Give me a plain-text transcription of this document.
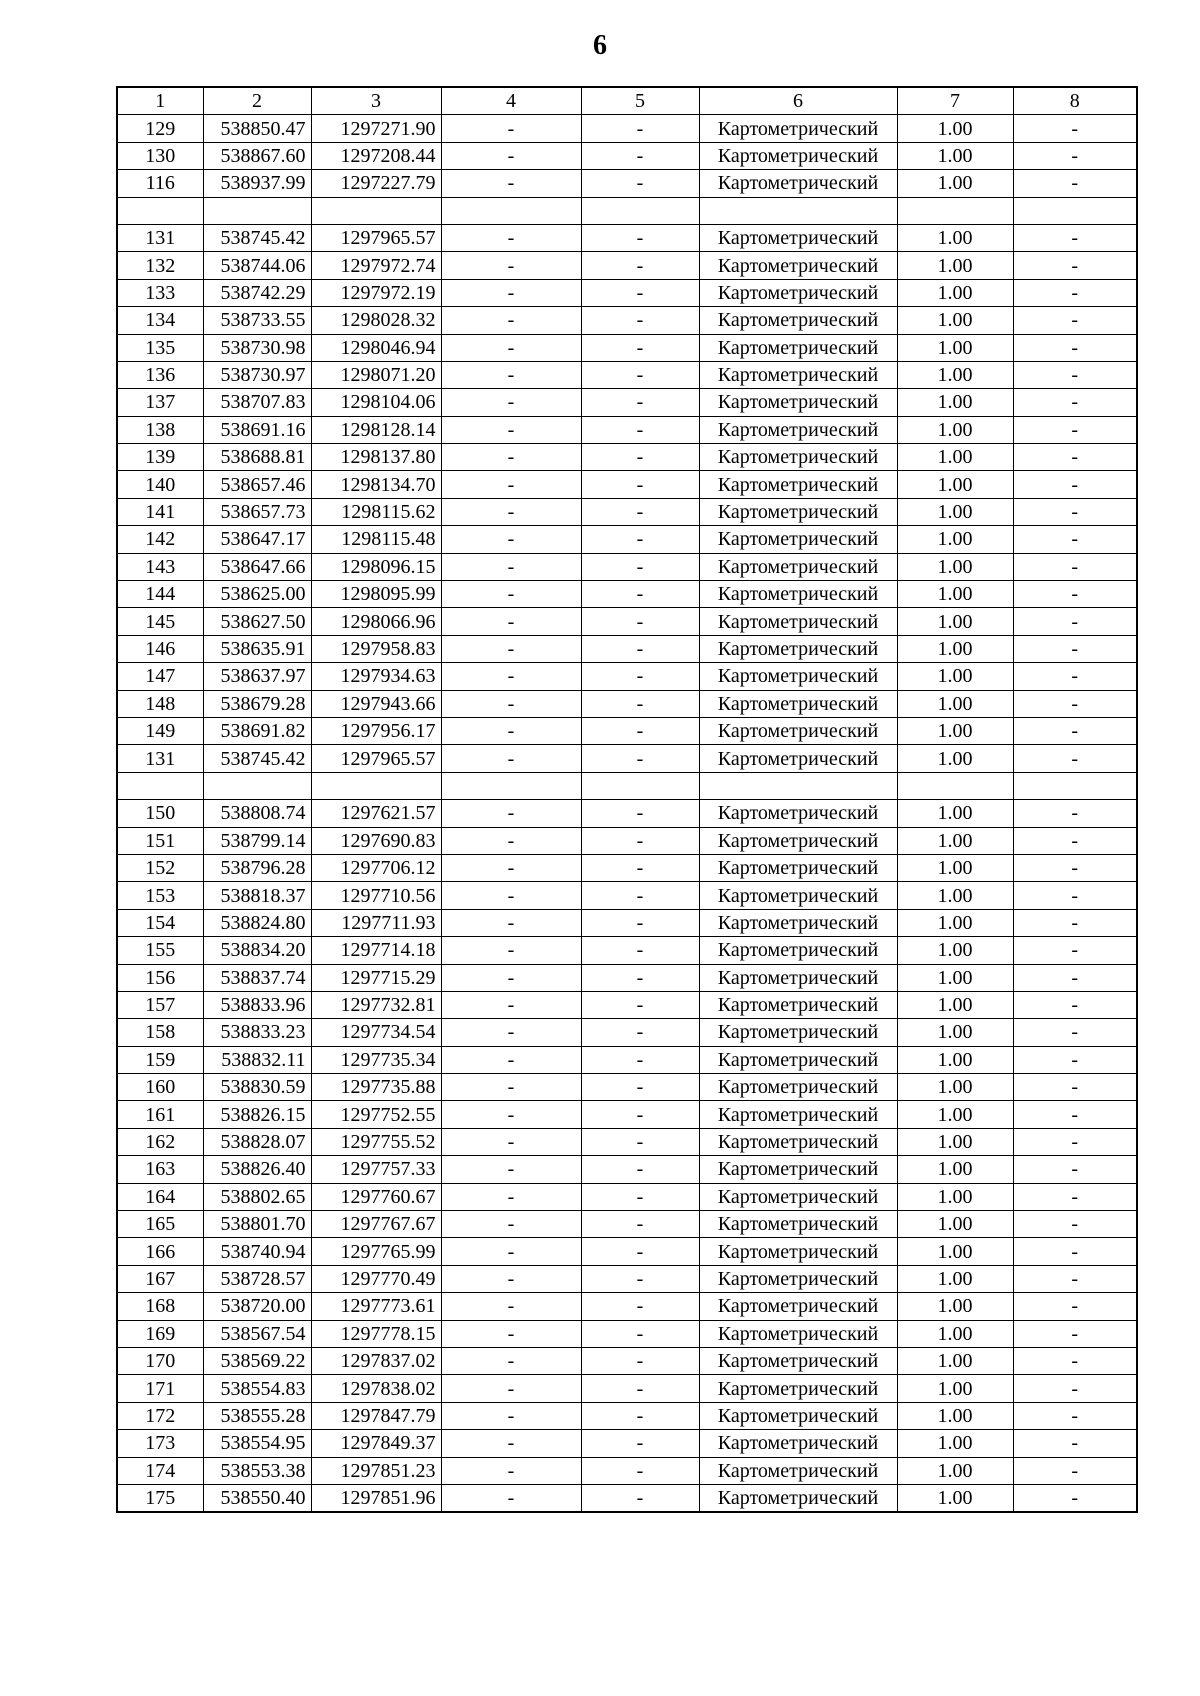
6
1	2	3	4	5	6	7	8
129	538850.47	1297271.90	-	-	Картометрический	1.00	-
130	538867.60	1297208.44	-	-	Картометрический	1.00	-
116	538937.99	1297227.79	-	-	Картометрический	1.00	-

131	538745.42	1297965.57	-	-	Картометрический	1.00	-
132	538744.06	1297972.74	-	-	Картометрический	1.00	-
133	538742.29	1297972.19	-	-	Картометрический	1.00	-
134	538733.55	1298028.32	-	-	Картометрический	1.00	-
135	538730.98	1298046.94	-	-	Картометрический	1.00	-
136	538730.97	1298071.20	-	-	Картометрический	1.00	-
137	538707.83	1298104.06	-	-	Картометрический	1.00	-
138	538691.16	1298128.14	-	-	Картометрический	1.00	-
139	538688.81	1298137.80	-	-	Картометрический	1.00	-
140	538657.46	1298134.70	-	-	Картометрический	1.00	-
141	538657.73	1298115.62	-	-	Картометрический	1.00	-
142	538647.17	1298115.48	-	-	Картометрический	1.00	-
143	538647.66	1298096.15	-	-	Картометрический	1.00	-
144	538625.00	1298095.99	-	-	Картометрический	1.00	-
145	538627.50	1298066.96	-	-	Картометрический	1.00	-
146	538635.91	1297958.83	-	-	Картометрический	1.00	-
147	538637.97	1297934.63	-	-	Картометрический	1.00	-
148	538679.28	1297943.66	-	-	Картометрический	1.00	-
149	538691.82	1297956.17	-	-	Картометрический	1.00	-
131	538745.42	1297965.57	-	-	Картометрический	1.00	-

150	538808.74	1297621.57	-	-	Картометрический	1.00	-
151	538799.14	1297690.83	-	-	Картометрический	1.00	-
152	538796.28	1297706.12	-	-	Картометрический	1.00	-
153	538818.37	1297710.56	-	-	Картометрический	1.00	-
154	538824.80	1297711.93	-	-	Картометрический	1.00	-
155	538834.20	1297714.18	-	-	Картометрический	1.00	-
156	538837.74	1297715.29	-	-	Картометрический	1.00	-
157	538833.96	1297732.81	-	-	Картометрический	1.00	-
158	538833.23	1297734.54	-	-	Картометрический	1.00	-
159	538832.11	1297735.34	-	-	Картометрический	1.00	-
160	538830.59	1297735.88	-	-	Картометрический	1.00	-
161	538826.15	1297752.55	-	-	Картометрический	1.00	-
162	538828.07	1297755.52	-	-	Картометрический	1.00	-
163	538826.40	1297757.33	-	-	Картометрический	1.00	-
164	538802.65	1297760.67	-	-	Картометрический	1.00	-
165	538801.70	1297767.67	-	-	Картометрический	1.00	-
166	538740.94	1297765.99	-	-	Картометрический	1.00	-
167	538728.57	1297770.49	-	-	Картометрический	1.00	-
168	538720.00	1297773.61	-	-	Картометрический	1.00	-
169	538567.54	1297778.15	-	-	Картометрический	1.00	-
170	538569.22	1297837.02	-	-	Картометрический	1.00	-
171	538554.83	1297838.02	-	-	Картометрический	1.00	-
172	538555.28	1297847.79	-	-	Картометрический	1.00	-
173	538554.95	1297849.37	-	-	Картометрический	1.00	-
174	538553.38	1297851.23	-	-	Картометрический	1.00	-
175	538550.40	1297851.96	-	-	Картометрический	1.00	-
